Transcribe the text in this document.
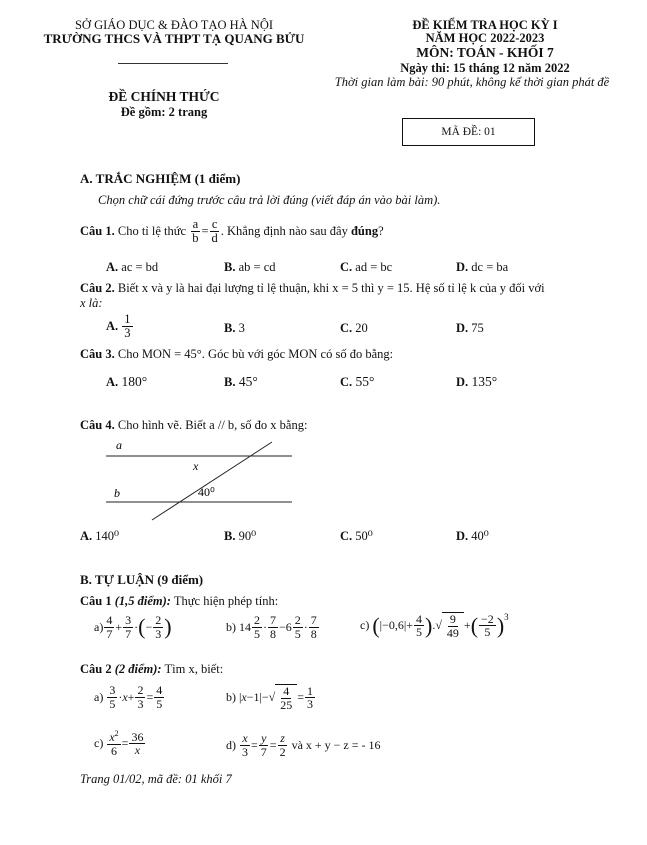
SỞ GIÁO DỤC & ĐÀO TẠO HÀ NỘI
TRƯỜNG THCS VÀ THPT TẠ QUANG BỬU
ĐỀ KIỂM TRA HỌC KỲ I
NĂM HỌC 2022-2023
MÔN: TOÁN - KHỐI 7
Ngày thi: 15 tháng 12 năm 2022
Thời gian làm bài: 90 phút, không kể thời gian phát đề
ĐỀ CHÍNH THỨC
Đề gồm: 2 trang
MÃ ĐỀ: 01
A. TRẮC NGHIỆM (1 điểm)
Chọn chữ cái đứng trước câu trả lời đúng (viết đáp án vào bài làm).
Câu 1.
Cho tỉ lệ thức
$\frac{a}{b} = \frac{c}{d}$ . Khẳng định nào sau đây
đúng ?
A. ac = bd	B. ab = cd	C. ad = bc	D. dc = ba
Câu 2. Biết x và y là hai đại lượng tỉ lệ thuận, khi x = 5 thì y = 15. Hệ số tỉ lệ k của y đối với
x là:
A.
$\frac{1}{3}$	B. 3	C. 20	D. 75
Câu 3. Cho MON = 45°. Góc bù với góc MON có số đo bằng:
A. 180°	B. 45°	C. 55°	D. 135°
Câu 4. Cho hình vẽ. Biết a // b, số đo x bằng:
a
b
x
40⁰
A. 140⁰	B. 90⁰	C. 50⁰	D. 40⁰
B. TỰ LUẬN (9 điểm)
Câu 1 (1,5 điểm): Thực hiện phép tính:
$a) \frac{4}{7} + \frac{3}{7}$ · ( − $\frac{2}{3}$ )	b) $14 \frac{2}{5} \cdot \frac{7}{8} -6 \frac{2}{5} \cdot \frac{7}{8}$	c)
( $|-0,6|+ \frac{4}{5}$ ) . √ $\frac{9}{49}$ + ( $\frac{-2}{5} )^3$
Câu 2 (2 điểm): Tìm x, biết:
a)
$\frac{3}{5} \cdot x + \frac{2}{3} = \frac{4}{5}$	b) | x −1|− √ $\frac{4}{25} = \frac{1}{3}$
c)
$\frac{x^2}{6} = \frac{36}{x}$	d)
$\frac{x}{3} = \frac{y}{7} = \frac{z}{2}$
và x + y − z = - 16
Trang 01/02, mã đề: 01 khối 7
